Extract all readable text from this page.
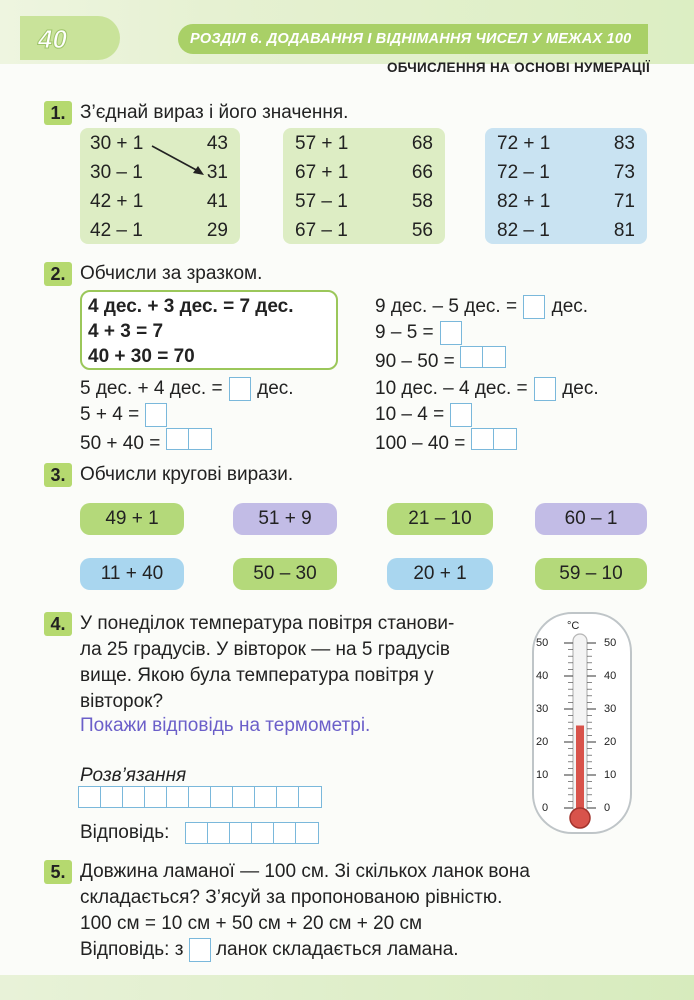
40	РОЗДІЛ 6. ДОДАВАННЯ І ВІДНІМАННЯ ЧИСЕЛ У МЕЖАХ 100
ОБЧИСЛЕННЯ НА ОСНОВІ НУМЕРАЦІЇ
1. З’єднай вираз і його значення.
30 + 1	43
30 – 1	31
42 + 1	41
42 – 1	29
57 + 1	68
67 + 1	66
57 – 1	58
67 – 1	56
72 + 1	83
72 – 1	73
82 + 1	71
82 – 1	81
2. Обчисли за зразком.
4 дес. + 3 дес. = 7 дес.
4 + 3 = 7
40 + 30 = 70
9 дес. – 5 дес. = дес.
9 – 5 =
90 – 50 =
5 дес. + 4 дес. = дес.
5 + 4 =
50 + 40 =
10 дес. – 4 дес. = дес.
10 – 4 =
100 – 40 =
3. Обчисли кругові вирази.
49 + 1	51 + 9	21 – 10	60 – 1
11 + 40	50 – 30	20 + 1	59 – 10
4. У понеділок температура повітря станови-
ла 25 градусів. У вівторок — на 5 градусів
вище. Якою була температура повітря у
вівторок?
Покажи відповідь на термометрі.
Розв’язання
Відповідь:
°C
50
40
30
20
10
0
50
40
30
20
10
0
5. Довжина ламаної — 100 см. Зі скількох ланок вона
складається? З’ясуй за пропонованою рівністю.
100 см = 10 см + 50 см + 20 см + 20 см
Відповідь: з ланок складається ламана.
